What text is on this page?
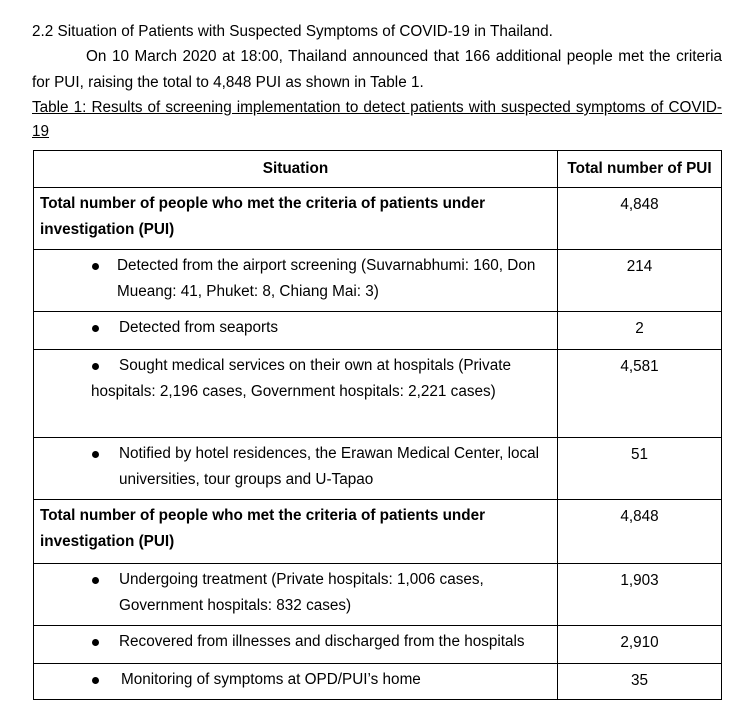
2.2 Situation of Patients with Suspected Symptoms of COVID-19 in Thailand.

On 10 March 2020 at 18:00, Thailand announced that 166 additional people met the criteria for PUI, raising the total to 4,848 PUI as shown in Table 1.

Table 1: Results of screening implementation to detect patients with suspected symptoms of COVID-19

Situation	Total number of PUI

Total number of people who met the criteria of patients under investigation (PUI)	4,848

Detected from the airport screening (Suvarnabhumi: 160, Don Mueang: 41, Phuket: 8, Chiang Mai: 3)	214

Detected from seaports	2

Sought medical services on their own at hospitals (Private hospitals: 2,196 cases, Government hospitals: 2,221 cases)	4,581

Notified by hotel residences, the Erawan Medical Center, local universities, tour groups and U-Tapao	51

Total number of people who met the criteria of patients under investigation (PUI)	4,848

Undergoing treatment (Private hospitals: 1,006 cases, Government hospitals: 832 cases)	1,903

Recovered from illnesses and discharged from the hospitals	2,910

Monitoring of symptoms at OPD/PUI’s home	35
